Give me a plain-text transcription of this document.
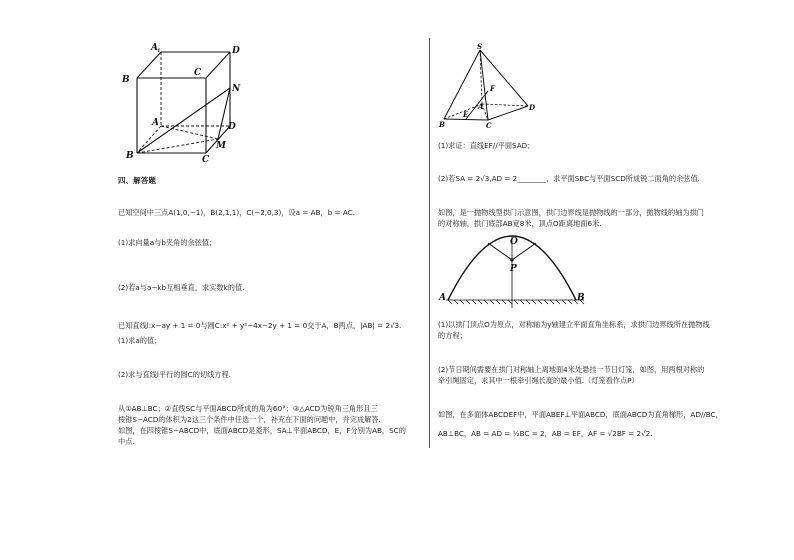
A 1	D
B
C
N
A	D
M
B	C
四、解答题
已知空间中三点A(1,0,−1)，B(2,1,1)，C(−2,0,3)，设a = AB，b = AC.
(1)求向量a与b夹角的余弦值；
(2)若a与a−kb互相垂直，求实数k的值.
已知直线l:x−ay + 1 = 0与圆C:x² + y²−4x−2y + 1 = 0交于A，B两点，|AB| = 2√3.
(1)求a的值；
(2)求与直线l平行的圆C的切线方程.
从①AB⊥BC；②直线SC与平面ABCD所成的角为60°；③△ACD为锐角三角形且三
棱锥S−ACD的体积为2这三个条件中任选一个，补充在下面的问题中，并完成解答.
如图，在四棱锥S−ABCD中，底面ABCD是菱形，SA⊥平面ABCD，E，F分别为AB，SC的
中点.
S
F
A	D
B
E
C
(1)求证：直线EF//平面SAD；
(2)若SA = 2√3,AD = 2________，求平面SBC与平面SCD所成锐二面角的余弦值.
如图，是一抛物线型拱门示意图，拱门边界线是抛物线的一部分，抛物线的轴为拱门
的对称轴，拱门底部AB宽8米，顶点O距离地面6米.
O
P
A	B
(1)以拱门顶点O为原点，对称轴为y轴建立平面直角坐标系，求拱门边界线所在抛物线
的方程；
(2)节日期间需要在拱门对称轴上离地面4米处悬挂一节日灯笼，如图，用两根对称的
牵引绳固定，求其中一根牵引绳长度的最小值.（灯笼看作点P）
如图，在多面体ABCDEF中，平面ABEF⊥平面ABCD，底面ABCD为直角梯形，AD//BC，
AB⊥BC，AB = AD = ½BC = 2，AB = EF，AF = √2BF = 2√2.
